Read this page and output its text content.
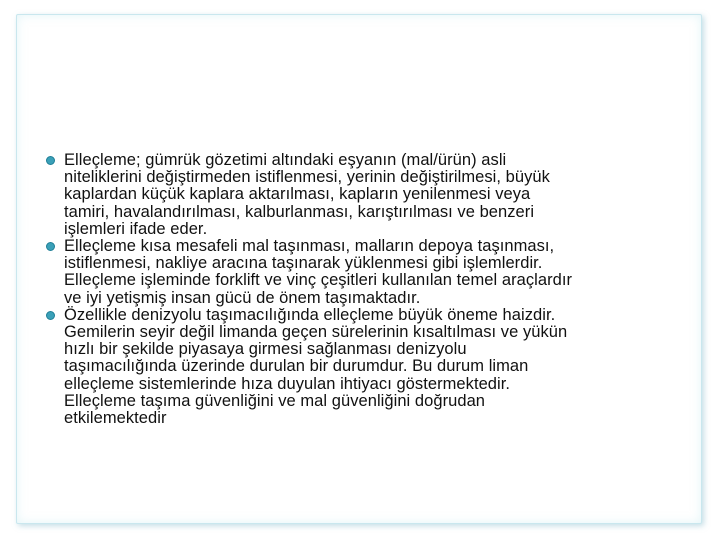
Elleçleme; gümrük gözetimi altındaki eşyanın (mal/ürün) asli
niteliklerini değiştirmeden istiflenmesi, yerinin değiştirilmesi, büyük
kaplardan küçük kaplara aktarılması, kapların yenilenmesi veya
tamiri, havalandırılması, kalburlanması, karıştırılması ve benzeri
işlemleri ifade eder.
Elleçleme kısa mesafeli mal taşınması, malların depoya taşınması,
istiflenmesi, nakliye aracına taşınarak yüklenmesi gibi işlemlerdir.
Elleçleme işleminde forklift ve vinç çeşitleri kullanılan temel araçlardır
ve iyi yetişmiş insan gücü de önem taşımaktadır.
Özellikle denizyolu taşımacılığında elleçleme büyük öneme haizdir.
Gemilerin seyir değil limanda geçen sürelerinin kısaltılması ve yükün
hızlı bir şekilde piyasaya girmesi sağlanması denizyolu
taşımacılığında üzerinde durulan bir durumdur. Bu durum liman
elleçleme sistemlerinde hıza duyulan ihtiyacı göstermektedir.
Elleçleme taşıma güvenliğini ve mal güvenliğini doğrudan
etkilemektedir
